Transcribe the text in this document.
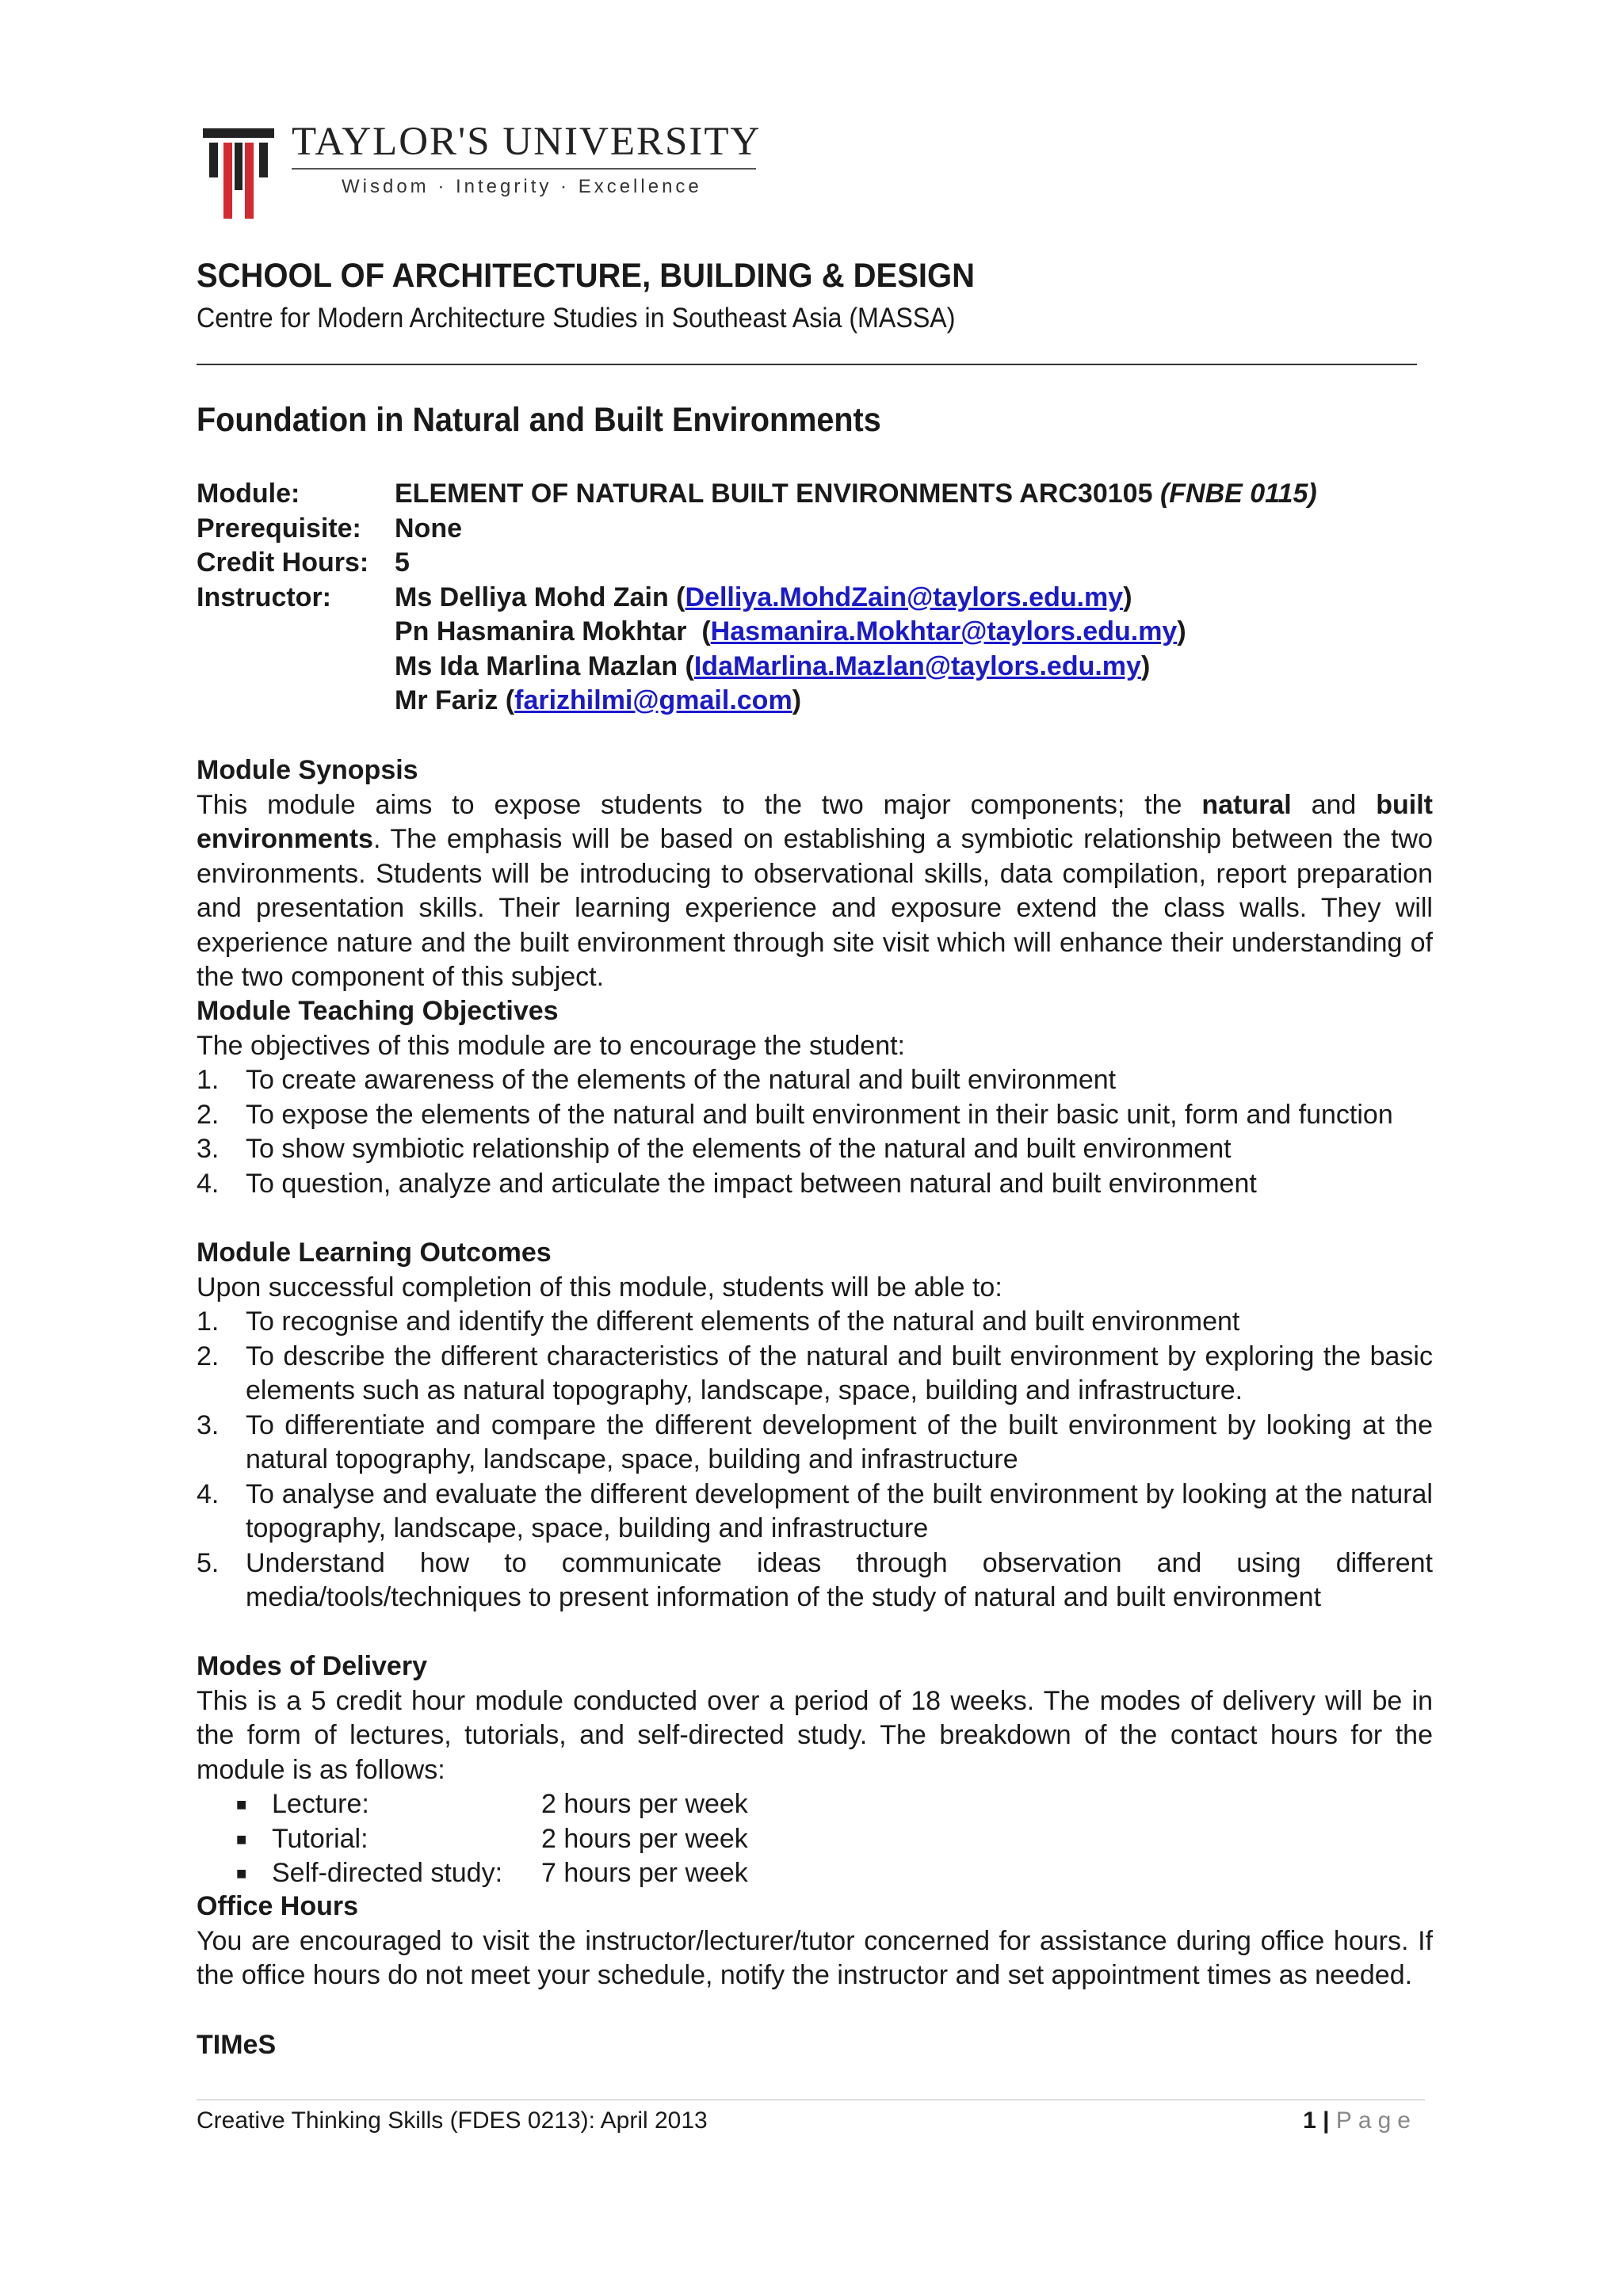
TAYLOR'S UNIVERSITY
Wisdom · Integrity · Excellence
SCHOOL OF ARCHITECTURE, BUILDING & DESIGN
Centre for Modern Architecture Studies in Southeast Asia (MASSA)
Foundation in Natural and Built Environments
Module:	ELEMENT OF NATURAL BUILT ENVIRONMENTS ARC30105 (FNBE 0115)
Prerequisite:	None
Credit Hours: 5
Instructor:	Ms Delliya Mohd Zain (Delliya.MohdZain@taylors.edu.my)
Pn Hasmanira Mokhtar  (Hasmanira.Mokhtar@taylors.edu.my)
Ms Ida Marlina Mazlan (IdaMarlina.Mazlan@taylors.edu.my)
Mr Fariz (farizhilmi@gmail.com)
Module Synopsis

This module aims to expose students to the two major components; the natural and built environments. The emphasis will be based on establishing a symbiotic relationship between the two environments. Students will be introducing to observational skills, data compilation, report preparation and presentation skills. Their learning experience and exposure extend the class walls. They will experience nature and the built environment through site visit which will enhance their understanding of the two component of this subject.

Module Teaching Objectives

The objectives of this module are to encourage the student:

1. To create awareness of the elements of the natural and built environment
2. To expose the elements of the natural and built environment in their basic unit, form and function
3. To show symbiotic relationship of the elements of the natural and built environment
4. To question, analyze and articulate the impact between natural and built environment
Module Learning Outcomes

Upon successful completion of this module, students will be able to:

1. To recognise and identify the different elements of the natural and built environment
2. To describe the different characteristics of the natural and built environment by exploring the basic elements such as natural topography, landscape, space, building and infrastructure.
3. To differentiate and compare the different development of the built environment by looking at the natural topography, landscape, space, building and infrastructure
4. To analyse and evaluate the different development of the built environment by looking at the natural topography, landscape, space, building and infrastructure
5. Understand how to communicate ideas through observation and using different media/tools/techniques to present information of the study of natural and built environment
Modes of Delivery

This is a 5 credit hour module conducted over a period of 18 weeks. The modes of delivery will be in the form of lectures, tutorials, and self-directed study. The breakdown of the contact hours for the module is as follows:

■ Lecture:	2 hours per week
■ Tutorial:	2 hours per week
■ Self-directed study:	7 hours per week
Office Hours

You are encouraged to visit the instructor/lecturer/tutor concerned for assistance during office hours. If the office hours do not meet your schedule, notify the instructor and set appointment times as needed.

TIMeS
Creative Thinking Skills (FDES 0213): April 2013	1 | Page
